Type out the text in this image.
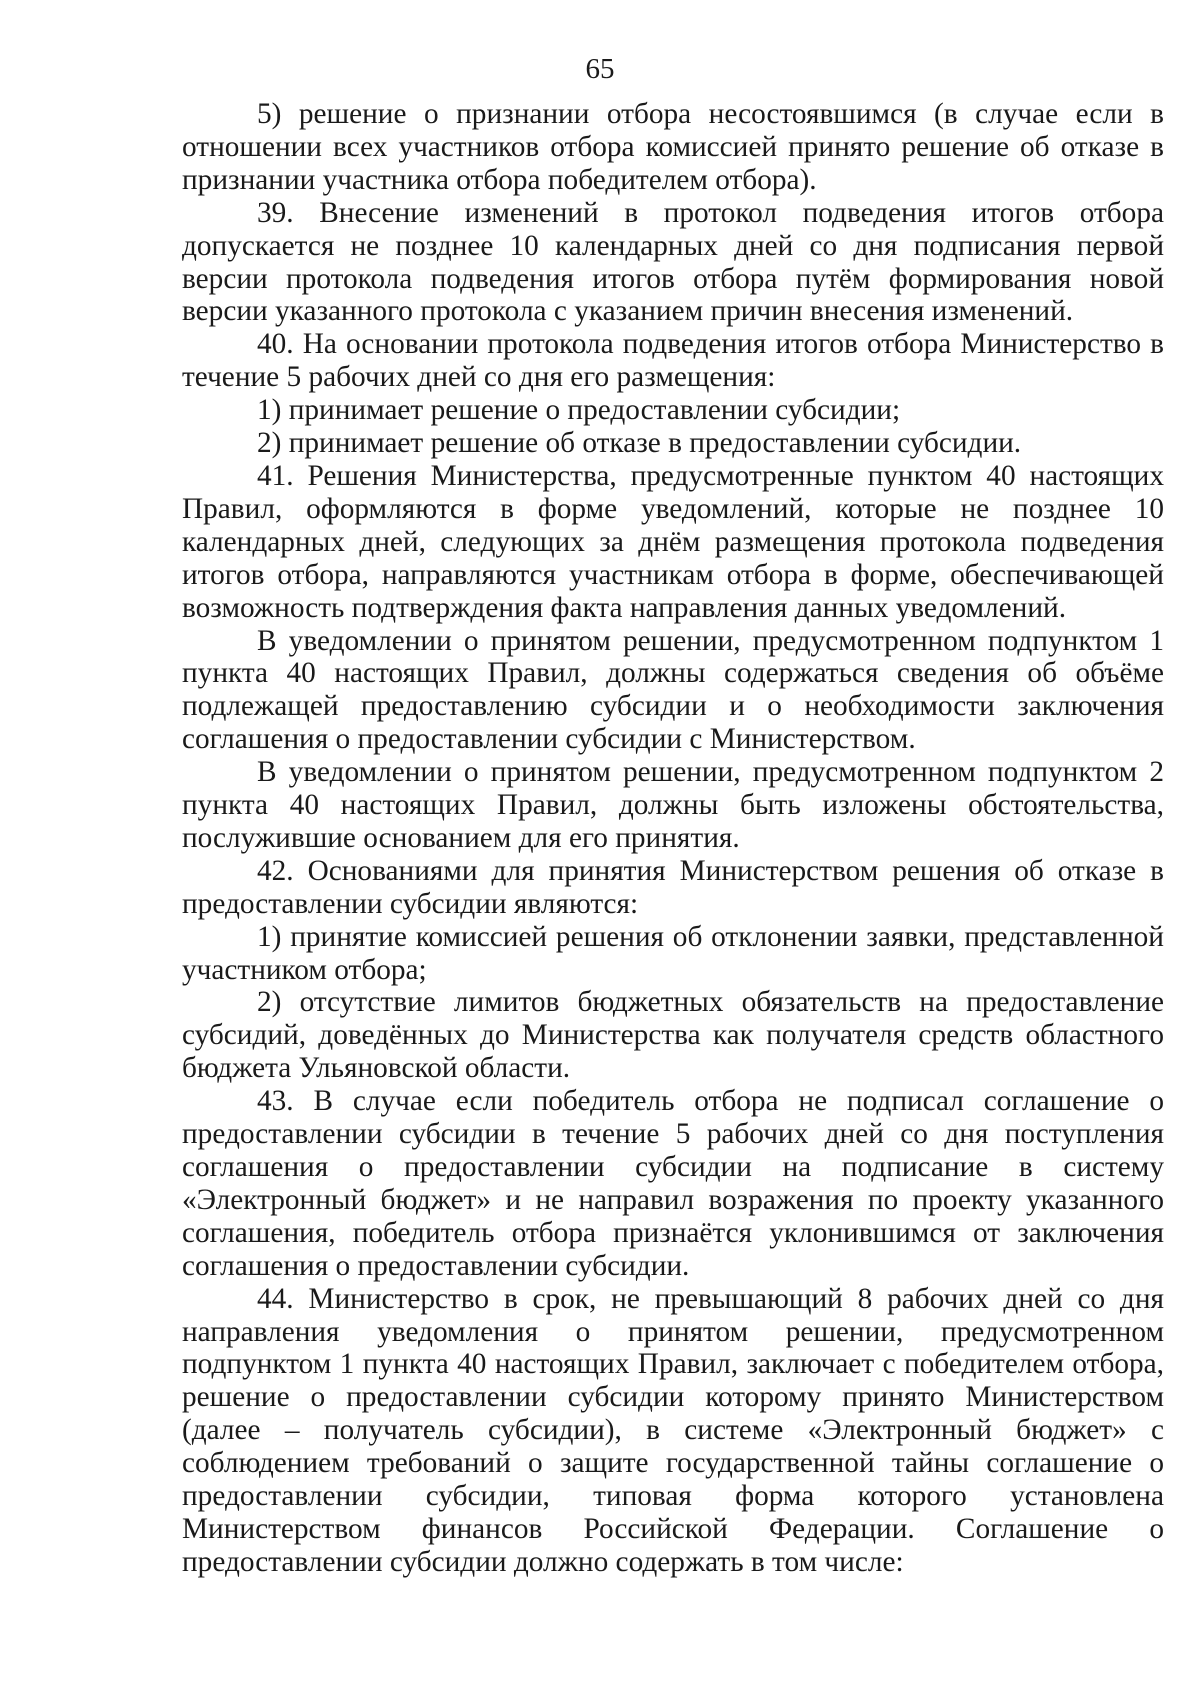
65

5) решение о признании отбора несостоявшимся (в случае если в отношении всех участников отбора комиссией принято решение об отказе в признании участника отбора победителем отбора).

39. Внесение изменений в протокол подведения итогов отбора допускается не позднее 10 календарных дней со дня подписания первой версии протокола подведения итогов отбора путём формирования новой версии указанного протокола с указанием причин внесения изменений.

40. На основании протокола подведения итогов отбора Министерство в течение 5 рабочих дней со дня его размещения:

1) принимает решение о предоставлении субсидии;

2) принимает решение об отказе в предоставлении субсидии.

41. Решения Министерства, предусмотренные пунктом 40 настоящих Правил, оформляются в форме уведомлений, которые не позднее 10 календарных дней, следующих за днём размещения протокола подведения итогов отбора, направляются участникам отбора в форме, обеспечивающей возможность подтверждения факта направления данных уведомлений.

В уведомлении о принятом решении, предусмотренном подпунктом 1 пункта 40 настоящих Правил, должны содержаться сведения об объёме подлежащей предоставлению субсидии и о необходимости заключения соглашения о предоставлении субсидии с Министерством.

В уведомлении о принятом решении, предусмотренном подпунктом 2 пункта 40 настоящих Правил, должны быть изложены обстоятельства, послужившие основанием для его принятия.

42. Основаниями для принятия Министерством решения об отказе в предоставлении субсидии являются:

1) принятие комиссией решения об отклонении заявки, представленной участником отбора;

2) отсутствие лимитов бюджетных обязательств на предоставление субсидий, доведённых до Министерства как получателя средств областного бюджета Ульяновской области.

43. В случае если победитель отбора не подписал соглашение о предоставлении субсидии в течение 5 рабочих дней со дня поступления соглашения о предоставлении субсидии на подписание в систему «Электронный бюджет» и не направил возражения по проекту указанного соглашения, победитель отбора признаётся уклонившимся от заключения соглашения о предоставлении субсидии.

44. Министерство в срок, не превышающий 8 рабочих дней со дня направления уведомления о принятом решении, предусмотренном подпунктом 1 пункта 40 настоящих Правил, заключает с победителем отбора, решение о предоставлении субсидии которому принято Министерством (далее – получатель субсидии), в системе «Электронный бюджет» с соблюдением требований о защите государственной тайны соглашение о предоставлении субсидии, типовая форма которого установлена Министерством финансов Российской Федерации. Соглашение о предоставлении субсидии должно содержать в том числе:
